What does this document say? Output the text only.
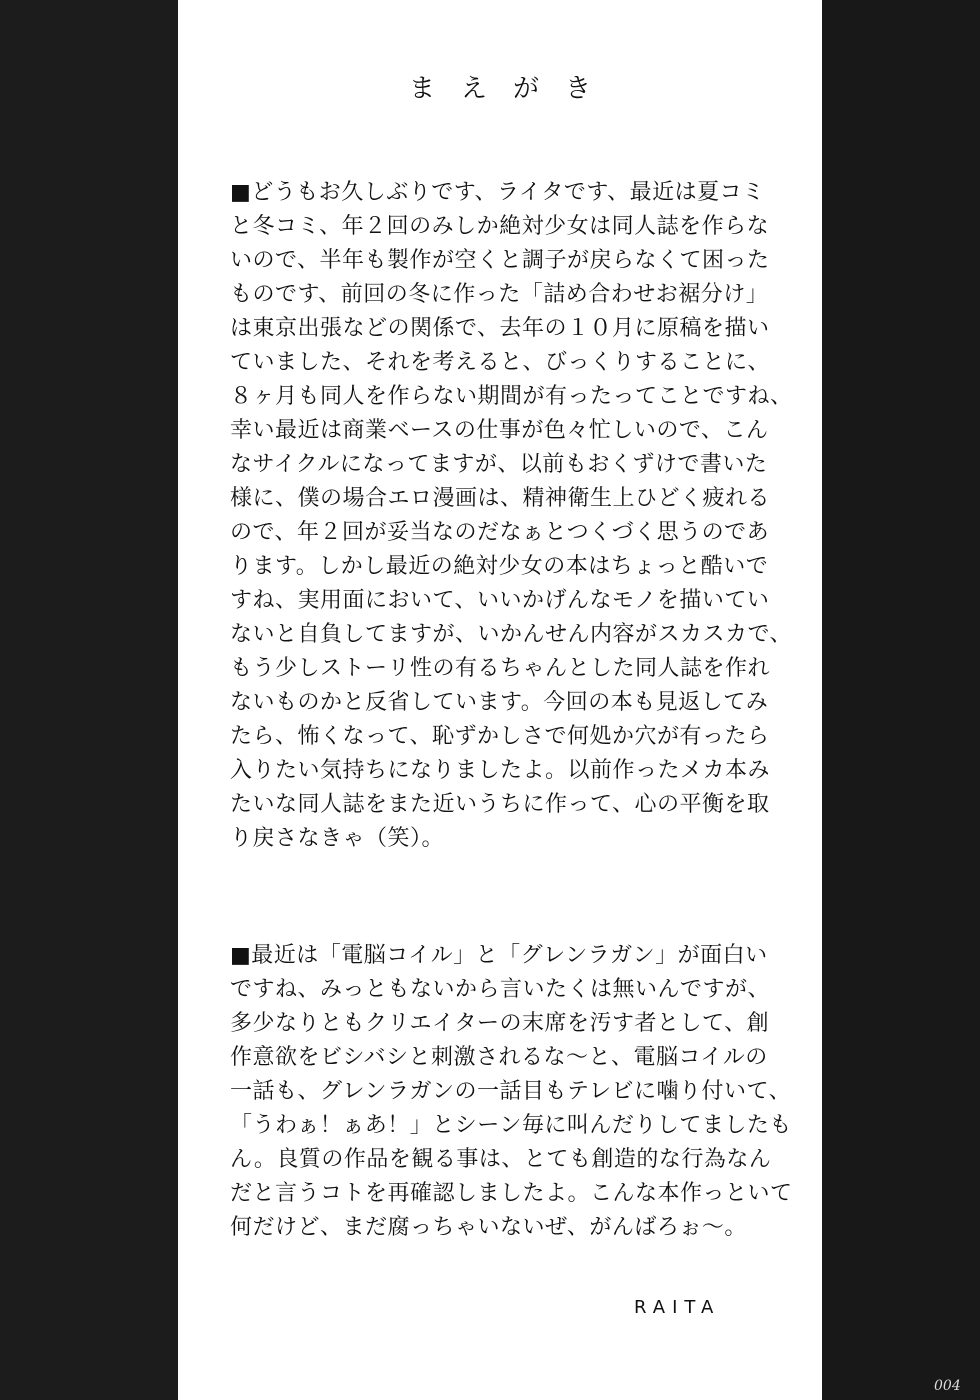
まえがき
■どうもお久しぶりです、ライタです、最近は夏コミ
と冬コミ、年２回のみしか絶対少女は同人誌を作らな
いので、半年も製作が空くと調子が戻らなくて困った
ものです、前回の冬に作った「詰め合わせお裾分け」
は東京出張などの関係で、去年の１０月に原稿を描い
ていました、それを考えると、びっくりすることに、
８ヶ月も同人を作らない期間が有ったってことですね、
幸い最近は商業ベースの仕事が色々忙しいので、こん
なサイクルになってますが、以前もおくずけで書いた
様に、僕の場合エロ漫画は、精神衛生上ひどく疲れる
ので、年２回が妥当なのだなぁとつくづく思うのであ
ります。しかし最近の絶対少女の本はちょっと酷いで
すね、実用面において、いいかげんなモノを描いてい
ないと自負してますが、いかんせん内容がスカスカで、
もう少しストーリ性の有るちゃんとした同人誌を作れ
ないものかと反省しています。今回の本も見返してみ
たら、怖くなって、恥ずかしさで何処か穴が有ったら
入りたい気持ちになりましたよ。以前作ったメカ本み
たいな同人誌をまた近いうちに作って、心の平衡を取
り戻さなきゃ（笑）。
■最近は「電脳コイル」と「グレンラガン」が面白い
ですね、みっともないから言いたくは無いんですが、
多少なりともクリエイターの末席を汚す者として、創
作意欲をビシバシと刺激されるな～と、電脳コイルの
一話も、グレンラガンの一話目もテレビに噛り付いて、
「うわぁ！ぁあ！」とシーン毎に叫んだりしてましたも
ん。良質の作品を観る事は、とても創造的な行為なん
だと言うコトを再確認しましたよ。こんな本作っといて
何だけど、まだ腐っちゃいないぜ、がんばろぉ～。
RAITA
004
